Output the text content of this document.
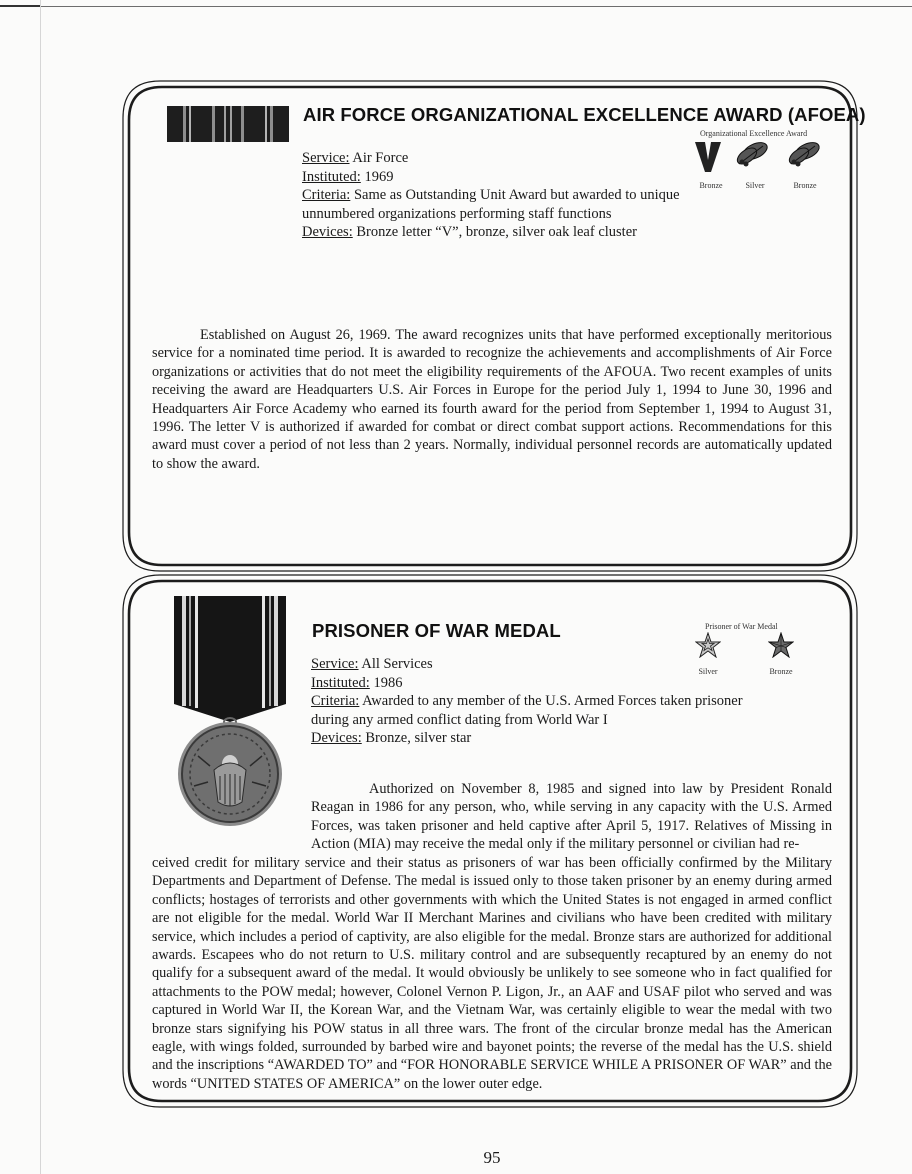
AIR FORCE ORGANIZATIONAL EXCELLENCE AWARD (AFOEA)
Organizational Excellence Award
Bronze	Silver	Bronze
Service: Air Force
Instituted: 1969
Criteria: Same as Outstanding Unit Award but awarded to unique
unnumbered organizations performing staff functions
Devices: Bronze letter “V”, bronze, silver oak leaf cluster
Established on August 26, 1969. The award recognizes units that have performed exceptionally meritorious service for a nominated time period. It is awarded to recognize the achievements and accomplishments of Air Force organizations or activities that do not meet the eligibility requirements of the AFOUA. Two recent examples of units receiving the award are Headquarters U.S. Air Forces in Europe for the period July 1, 1994 to June 30, 1996 and Headquarters Air Force Academy who earned its fourth award for the period from September 1, 1994 to August 31, 1996. The letter V is authorized if awarded for combat or direct combat support actions. Recommendations for this award must cover a period of not less than 2 years. Normally, individual personnel records are automatically updated to show the award.
PRISONER OF WAR MEDAL	Prisoner of War Medal
Silver	Bronze
Service: All Services
Instituted: 1986
Criteria: Awarded to any member of the U.S. Armed Forces taken prisoner
during any armed conflict dating from World War I
Devices: Bronze, silver star
Authorized on November 8, 1985 and signed into law by President Ronald Reagan in 1986 for any person, who, while serving in any capacity with the U.S. Armed Forces, was taken prisoner and held captive after April 5, 1917. Relatives of Missing in Action (MIA) may receive the medal only if the military personnel or civilian had re-
ceived credit for military service and their status as prisoners of war has been officially confirmed by the Military Departments and Department of Defense. The medal is issued only to those taken prisoner by an enemy during armed conflicts; hostages of terrorists and other governments with which the United States is not engaged in armed conflict are not eligible for the medal. World War II Merchant Marines and civilians who have been credited with military service, which includes a period of captivity, are also eligible for the medal. Bronze stars are authorized for additional awards. Escapees who do not return to U.S. military control and are subsequently recaptured by an enemy do not qualify for a subsequent award of the medal. It would obviously be unlikely to see someone who in fact qualified for attachments to the POW medal; however, Colonel Vernon P. Ligon, Jr., an AAF and USAF pilot who served and was captured in World War II, the Korean War, and the Vietnam War, was certainly eligible to wear the medal with two bronze stars signifying his POW status in all three wars. The front of the circular bronze medal has the American eagle, with wings folded, surrounded by barbed wire and bayonet points; the reverse of the medal has the U.S. shield and the inscriptions “AWARDED TO” and “FOR HONORABLE SERVICE WHILE A PRISONER OF WAR” and the words “UNITED STATES OF AMERICA” on the lower outer edge.
95
